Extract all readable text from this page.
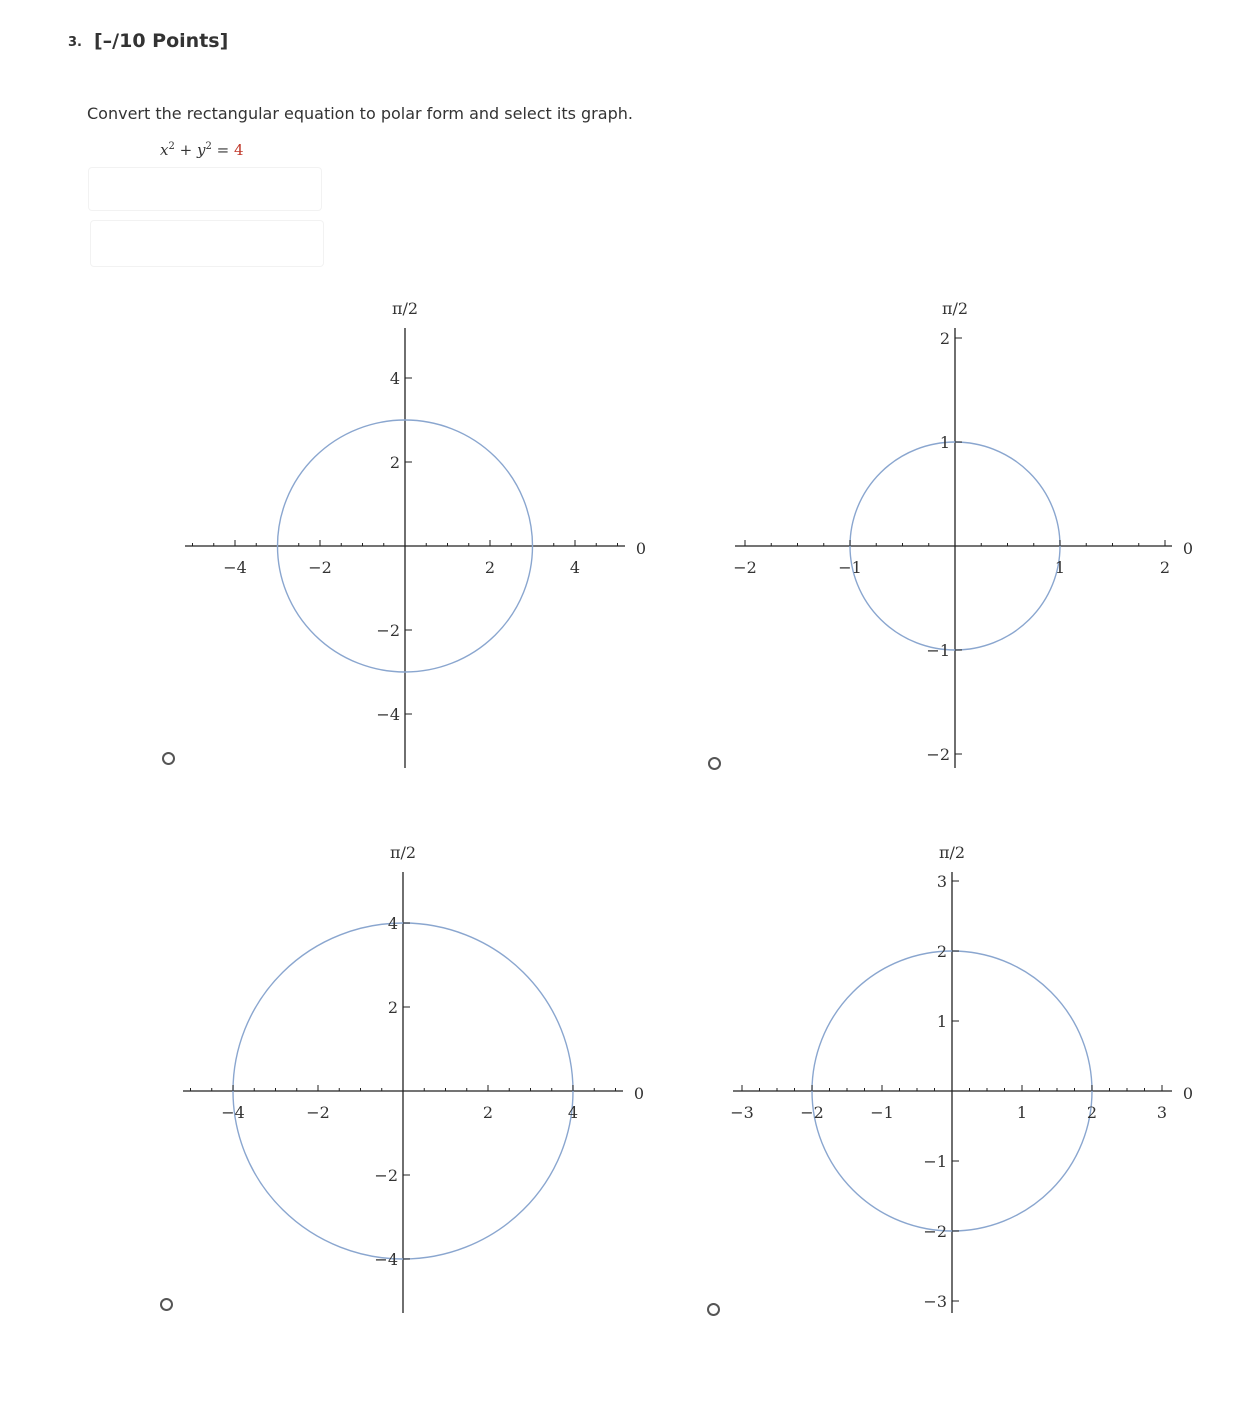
3. [–/10 Points]
Convert the rectangular equation to polar form and select its graph.
$x^2 + y^2 = 4$
−4	−2	2	4
4
2
−2
−4
π/2
0
−2	−1	1	2
2
1
−1
−2
π/2
0
−4	−2	2	4
4
2
−2
−4
π/2
0
−3	−2	−1	1	2	3
3
2
1
−1
−2
−3
π/2
0
